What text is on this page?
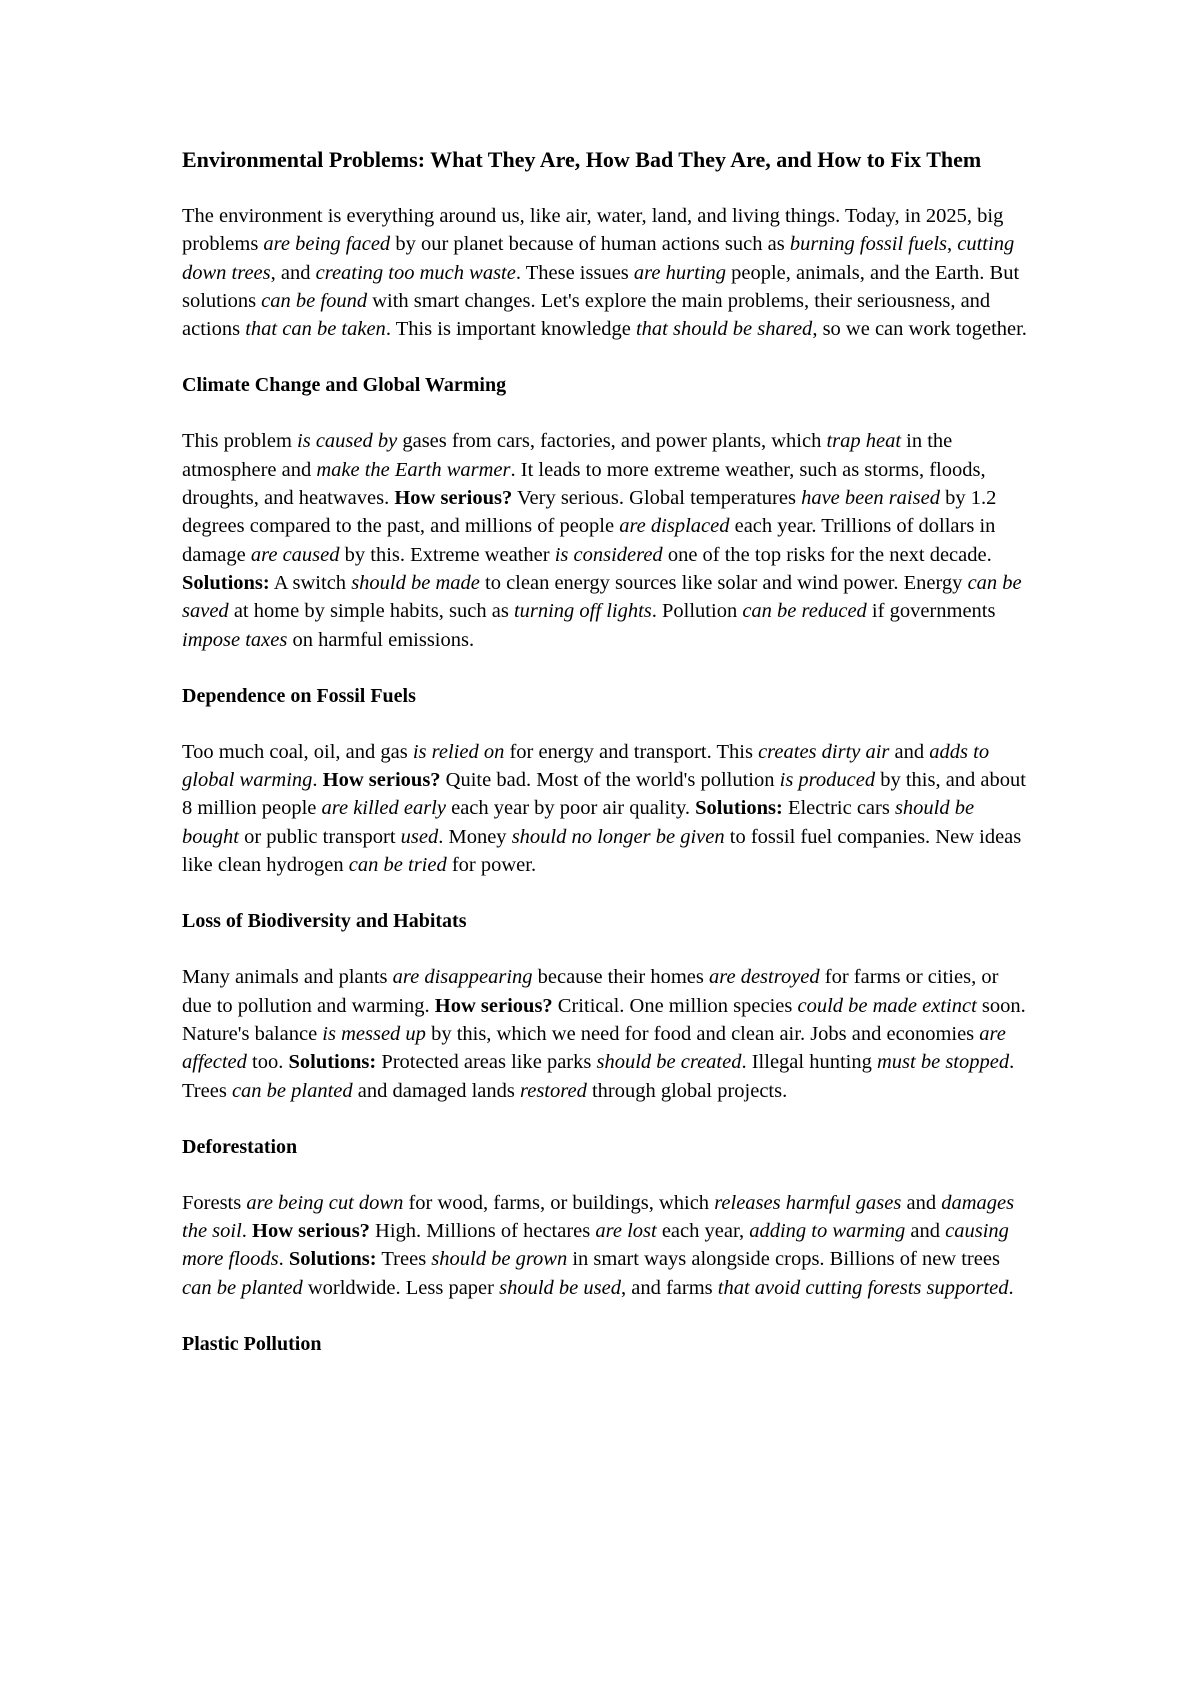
Environmental Problems: What They Are, How Bad They Are, and How to Fix Them

The environment is everything around us, like air, water, land, and living things. Today, in 2025, big problems are being faced by our planet because of human actions such as burning fossil fuels, cutting down trees, and creating too much waste. These issues are hurting people, animals, and the Earth. But solutions can be found with smart changes. Let's explore the main problems, their seriousness, and actions that can be taken. This is important knowledge that should be shared, so we can work together.

Climate Change and Global Warming

This problem is caused by gases from cars, factories, and power plants, which trap heat in the atmosphere and make the Earth warmer. It leads to more extreme weather, such as storms, floods, droughts, and heatwaves. How serious? Very serious. Global temperatures have been raised by 1.2 degrees compared to the past, and millions of people are displaced each year. Trillions of dollars in damage are caused by this. Extreme weather is considered one of the top risks for the next decade. Solutions: A switch should be made to clean energy sources like solar and wind power. Energy can be saved at home by simple habits, such as turning off lights. Pollution can be reduced if governments impose taxes on harmful emissions.

Dependence on Fossil Fuels

Too much coal, oil, and gas is relied on for energy and transport. This creates dirty air and adds to global warming. How serious? Quite bad. Most of the world's pollution is produced by this, and about 8 million people are killed early each year by poor air quality. Solutions: Electric cars should be bought or public transport used. Money should no longer be given to fossil fuel companies. New ideas like clean hydrogen can be tried for power.

Loss of Biodiversity and Habitats

Many animals and plants are disappearing because their homes are destroyed for farms or cities, or due to pollution and warming. How serious? Critical. One million species could be made extinct soon. Nature's balance is messed up by this, which we need for food and clean air. Jobs and economies are affected too. Solutions: Protected areas like parks should be created. Illegal hunting must be stopped. Trees can be planted and damaged lands restored through global projects.

Deforestation

Forests are being cut down for wood, farms, or buildings, which releases harmful gases and damages the soil. How serious? High. Millions of hectares are lost each year, adding to warming and causing more floods. Solutions: Trees should be grown in smart ways alongside crops. Billions of new trees can be planted worldwide. Less paper should be used, and farms that avoid cutting forests supported.

Plastic Pollution
